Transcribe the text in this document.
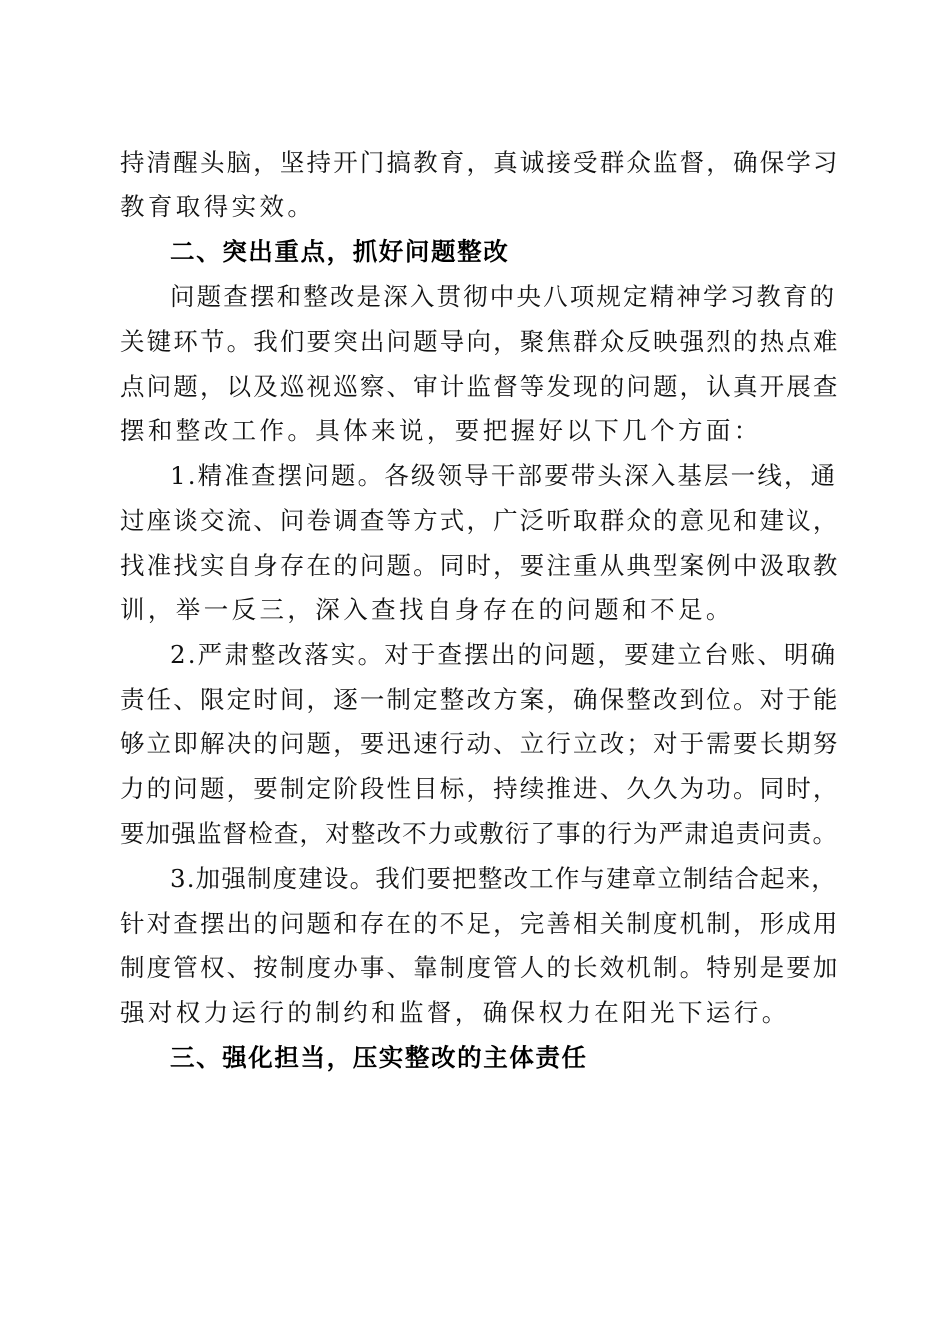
持清醒头脑，坚持开门搞教育，真诚接受群众监督，确保学习
教育取得实效。
二、突出重点，抓好问题整改
问题查摆和整改是深入贯彻中央八项规定精神学习教育的
关键环节。我们要突出问题导向，聚焦群众反映强烈的热点难
点问题，以及巡视巡察、审计监督等发现的问题，认真开展查
摆和整改工作。具体来说，要把握好以下几个方面：
1.精准查摆问题。各级领导干部要带头深入基层一线，通
过座谈交流、问卷调查等方式，广泛听取群众的意见和建议，
找准找实自身存在的问题。同时，要注重从典型案例中汲取教
训，举一反三，深入查找自身存在的问题和不足。
2.严肃整改落实。对于查摆出的问题，要建立台账、明确
责任、限定时间，逐一制定整改方案，确保整改到位。对于能
够立即解决的问题，要迅速行动、立行立改；对于需要长期努
力的问题，要制定阶段性目标，持续推进、久久为功。同时，
要加强监督检查，对整改不力或敷衍了事的行为严肃追责问责。
3.加强制度建设。我们要把整改工作与建章立制结合起来，
针对查摆出的问题和存在的不足，完善相关制度机制，形成用
制度管权、按制度办事、靠制度管人的长效机制。特别是要加
强对权力运行的制约和监督，确保权力在阳光下运行。
三、强化担当，压实整改的主体责任
